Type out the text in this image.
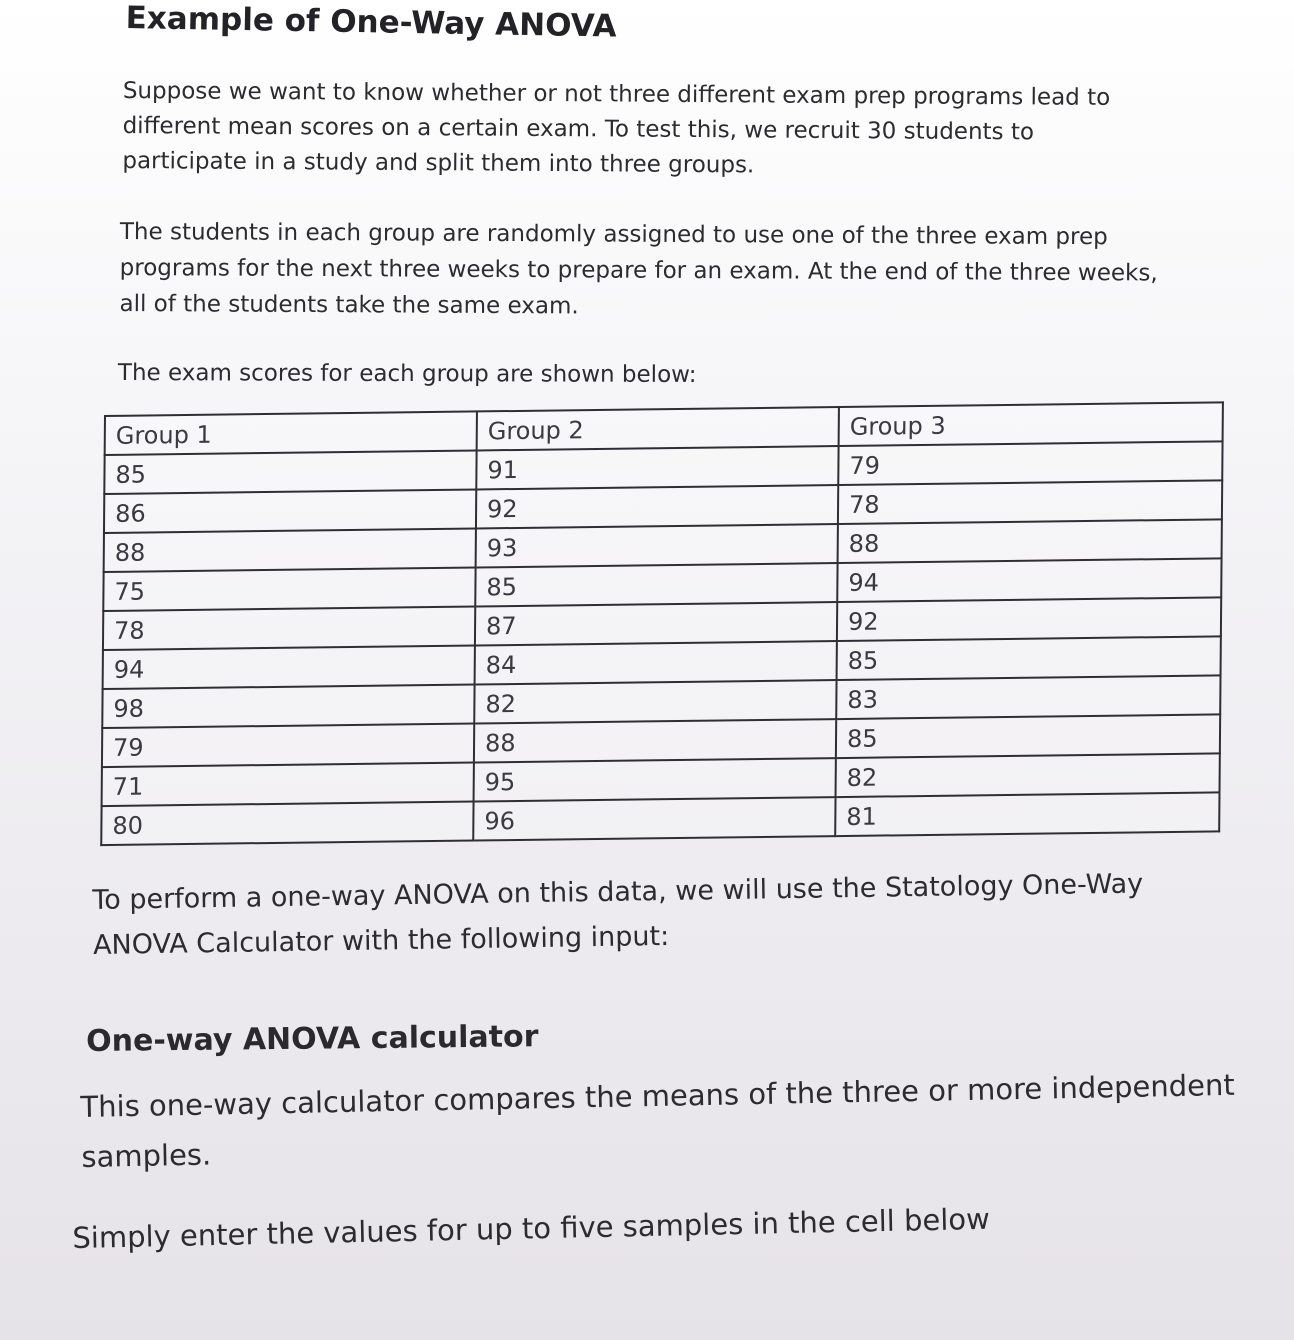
Example of One-Way ANOVA

Suppose we want to know whether or not three different exam prep programs lead to different mean scores on a certain exam. To test this, we recruit 30 students to participate in a study and split them into three groups.

The students in each group are randomly assigned to use one of the three exam prep programs for the next three weeks to prepare for an exam. At the end of the three weeks, all of the students take the same exam.

The exam scores for each group are shown below:

Group 1	Group 2	Group 3
85	91	79
86	92	78
88	93	88
75	85	94
78	87	92
94	84	85
98	82	83
79	88	85
71	95	82
80	96	81

To perform a one-way ANOVA on this data, we will use the Statology One-Way ANOVA Calculator with the following input:

One-way ANOVA calculator

This one-way calculator compares the means of the three or more independent samples.

Simply enter the values for up to five samples in the cell below
